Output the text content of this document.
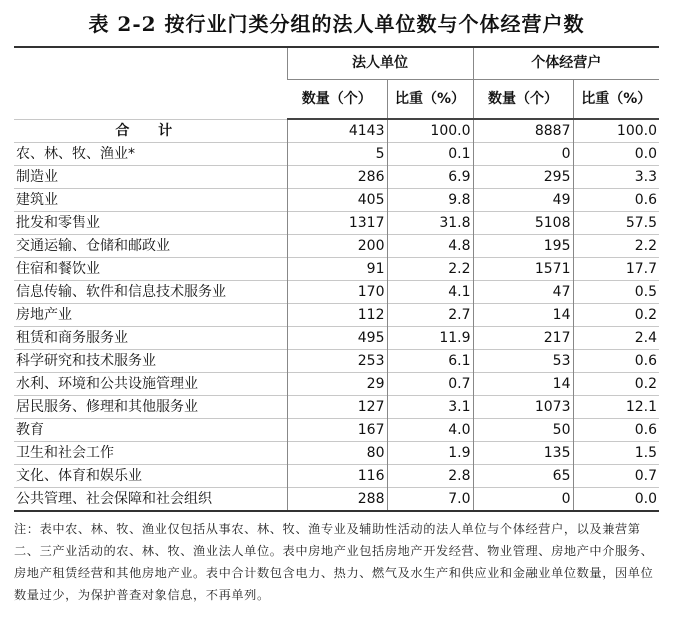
表 2-2 按行业门类分组的法人单位数与个体经营户数
	法人单位		个体经营户	
	数量（个）	比重（%）	数量（个）	比重（%）
合 计	4143	100.0	8887	100.0
农、林、牧、渔业*	5	0.1	0	0.0
制造业	286	6.9	295	3.3
建筑业	405	9.8	49	0.6
批发和零售业	1317	31.8	5108	57.5
交通运输、仓储和邮政业	200	4.8	195	2.2
住宿和餐饮业	91	2.2	1571	17.7
信息传输、软件和信息技术服务业	170	4.1	47	0.5
房地产业	112	2.7	14	0.2
租赁和商务服务业	495	11.9	217	2.4
科学研究和技术服务业	253	6.1	53	0.6
水利、环境和公共设施管理业	29	0.7	14	0.2
居民服务、修理和其他服务业	127	3.1	1073	12.1
教育	167	4.0	50	0.6
卫生和社会工作	80	1.9	135	1.5
文化、体育和娱乐业	116	2.8	65	0.7
公共管理、社会保障和社会组织	288	7.0	0	0.0
注：表中农、林、牧、渔业仅包括从事农、林、牧、渔专业及辅助性活动的法人单位与个体经营户，以及兼营第二、三产业活动的农、林、牧、渔业法人单位。表中房地产业包括房地产开发经营、物业管理、房地产中介服务、房地产租赁经营和其他房地产业。表中合计数包含电力、热力、燃气及水生产和供应业和金融业单位数量，因单位数量过少，为保护普查对象信息，不再单列。
